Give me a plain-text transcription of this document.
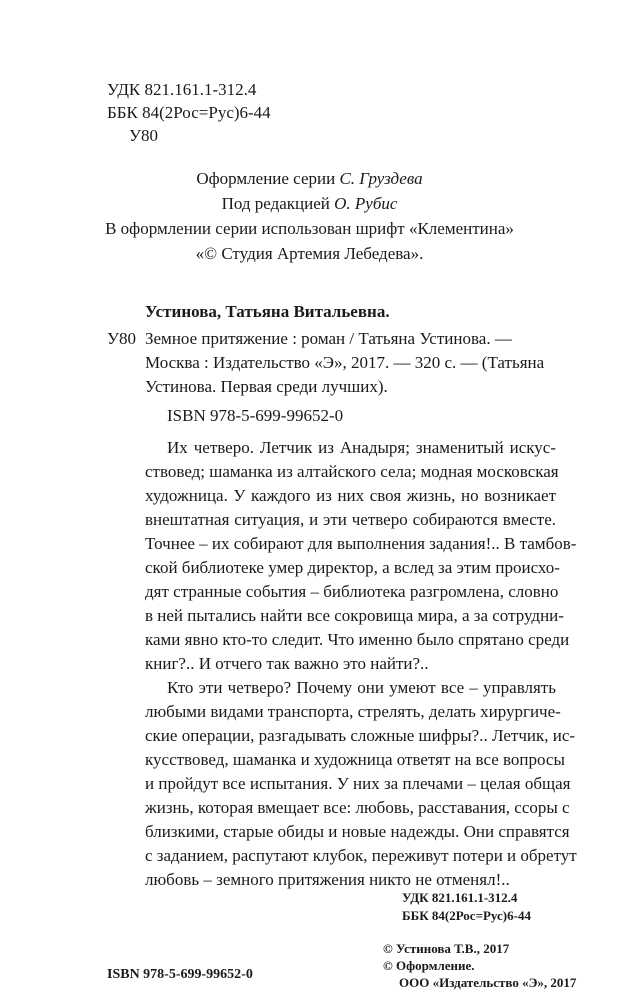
УДК 821.161.1-312.4
ББК 84(2Рос=Рус)6-44
У80
Оформление серии С. Груздева
Под редакцией О. Рубис
В оформлении серии использован шрифт «Клементина»
«© Студия Артемия Лебедева».
Устинова, Татьяна Витальевна.
У80 Земное притяжение : роман / Татьяна Устинова. —
Москва : Издательство «Э», 2017. — 320 с. — (Татьяна
Устинова. Первая среди лучших).
ISBN 978-5-699-99652-0
Их четверо. Летчик из Анадыря; знаменитый искус-
ствовед; шаманка из алтайского села; модная московская
художница. У каждого из них своя жизнь, но возникает
внештатная ситуация, и эти четверо собираются вместе.
Точнее – их собирают для выполнения задания!.. В тамбов-
ской библиотеке умер директор, а вслед за этим происхо-
дят странные события – библиотека разгромлена, словно
в ней пытались найти все сокровища мира, а за сотрудни-
ками явно кто-то следит. Что именно было спрятано среди
книг?.. И отчего так важно это найти?..
Кто эти четверо? Почему они умеют все – управлять
любыми видами транспорта, стрелять, делать хирургиче-
ские операции, разгадывать сложные шифры?.. Летчик, ис-
кусствовед, шаманка и художница ответят на все вопросы
и пройдут все испытания. У них за плечами – целая общая
жизнь, которая вмещает все: любовь, расставания, ссоры с
близкими, старые обиды и новые надежды. Они справятся
с заданием, распутают клубок, переживут потери и обретут
любовь – земного притяжения никто не отменял!..
УДК 821.161.1-312.4
ББК 84(2Рос=Рус)6-44
© Устинова Т.В., 2017
© Оформление.
ISBN 978-5-699-99652-0
ООО «Издательство «Э», 2017
